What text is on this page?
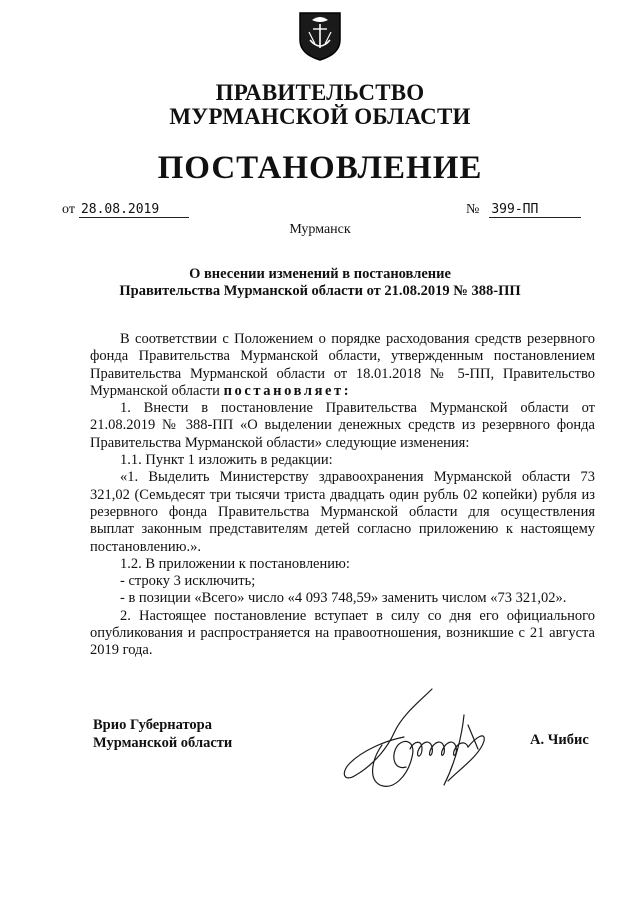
ПРАВИТЕЛЬСТВО
МУРМАНСКОЙ ОБЛАСТИ
ПОСТАНОВЛЕНИЕ
от 28.08.2019	№ 399-ПП
Мурманск
О внесении изменений в постановление
Правительства Мурманской области от 21.08.2019 № 388-ПП

В соответствии с Положением о порядке расходования средств резервного фонда Правительства Мурманской области, утвержденным постановлением Правительства Мурманской области от 18.01.2018 № 5-ПП, Правительство Мурманской области постановляет:

1. Внести в постановление Правительства Мурманской области от 21.08.2019 № 388-ПП «О выделении денежных средств из резервного фонда Правительства Мурманской области» следующие изменения:

1.1. Пункт 1 изложить в редакции:

«1. Выделить Министерству здравоохранения Мурманской области 73 321,02 (Семьдесят три тысячи триста двадцать один рубль 02 копейки) рубля из резервного фонда Правительства Мурманской области для осуществления выплат законным представителям детей согласно приложению к настоящему постановлению.».

1.2. В приложении к постановлению:

- строку 3 исключить;

- в позиции «Всего» число «4 093 748,59» заменить числом «73 321,02».

2. Настоящее постановление вступает в силу со дня его официального опубликования и распространяется на правоотношения, возникшие с 21 августа 2019 года.

Врио Губернатора
Мурманской области	А. Чибис
